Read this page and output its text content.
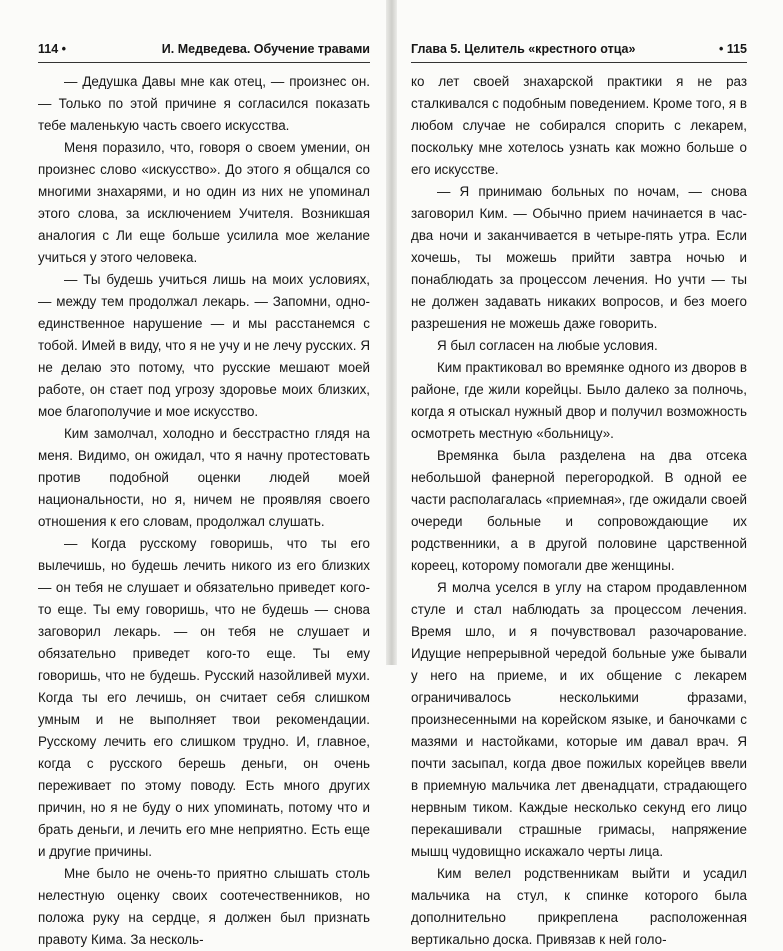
114 •	И. Медведева. Обучение травами

— Дедушка Давы мне как отец, — произнес он. — Только по этой причине я согласился показать тебе маленькую часть своего искусства.

Меня поразило, что, говоря о своем умении, он произнес слово «искусство». До этого я общался со многими знахарями, и но один из них не упоминал этого слова, за исключением Учителя. Возникшая аналогия с Ли еще больше усилила мое желание учиться у этого человека.

— Ты будешь учиться лишь на моих условиях, — между тем продолжал лекарь. — Запомни, одно-единственное нарушение — и мы расстанемся с тобой. Имей в виду, что я не учу и не лечу русских. Я не делаю это потому, что русские мешают моей работе, он стает под угрозу здоровье моих близких, мое благополучие и мое искусство.

Ким замолчал, холодно и бесстрастно глядя на меня. Видимо, он ожидал, что я начну протестовать против подобной оценки людей моей национальности, но я, ничем не проявляя своего отношения к его словам, продолжал слушать.

— Когда русскому говоришь, что ты его вылечишь, но будешь лечить никого из его близких — он тебя не слушает и обязательно приведет кого-то еще. Ты ему говоришь, что не будешь — снова заговорил лекарь. — он тебя не слушает и обязательно приведет кого-то еще. Ты ему говоришь, что не будешь. Русский назойливей мухи. Когда ты его лечишь, он считает себя слишком умным и не выполняет твои рекомендации. Русскому лечить его слишком трудно. И, главное, когда с русского берешь деньги, он очень переживает по этому поводу. Есть много других причин, но я не буду о них упоминать, потому что и брать деньги, и лечить его мне неприятно. Есть еще и другие причины.

Мне было не очень-то приятно слышать столь нелестную оценку своих соотечественников, но положа руку на сердце, я должен был признать правоту Кима. За несколь-

Глава 5. Целитель «крестного отца»	• 115

ко лет своей знахарской практики я не раз сталкивался с подобным поведением. Кроме того, я в любом случае не собирался спорить с лекарем, поскольку мне хотелось узнать как можно больше о его искусстве.

— Я принимаю больных по ночам, — снова заговорил Ким. — Обычно прием начинается в час-два ночи и заканчивается в четыре-пять утра. Если хочешь, ты можешь прийти завтра ночью и понаблюдать за процессом лечения. Но учти — ты не должен задавать никаких вопросов, и без моего разрешения не можешь даже говорить.

Я был согласен на любые условия.

Ким практиковал во времянке одного из дворов в районе, где жили корейцы. Было далеко за полночь, когда я отыскал нужный двор и получил возможность осмотреть местную «больницу».

Времянка была разделена на два отсека небольшой фанерной перегородкой. В одной ее части располагалась «приемная», где ожидали своей очереди больные и сопровождающие их родственники, а в другой половине царственной кореец, которому помогали две женщины.

Я молча уселся в углу на старом продавленном стуле и стал наблюдать за процессом лечения. Время шло, и я почувствовал разочарование. Идущие непрерывной чередой больные уже бывали у него на приеме, и их общение с лекарем ограничивалось несколькими фразами, произнесенными на корейском языке, и баночками с мазями и настойками, которые им давал врач. Я почти засыпал, когда двое пожилых корейцев ввели в приемную мальчика лет двенадцати, страдающего нервным тиком. Каждые несколько секунд его лицо перекашивали страшные гримасы, напряжение мышц чудовищно искажало черты лица.

Ким велел родственникам выйти и усадил мальчика на стул, к спинке которого была дополнительно прикреплена расположенная вертикально доска. Привязав к ней голо-
